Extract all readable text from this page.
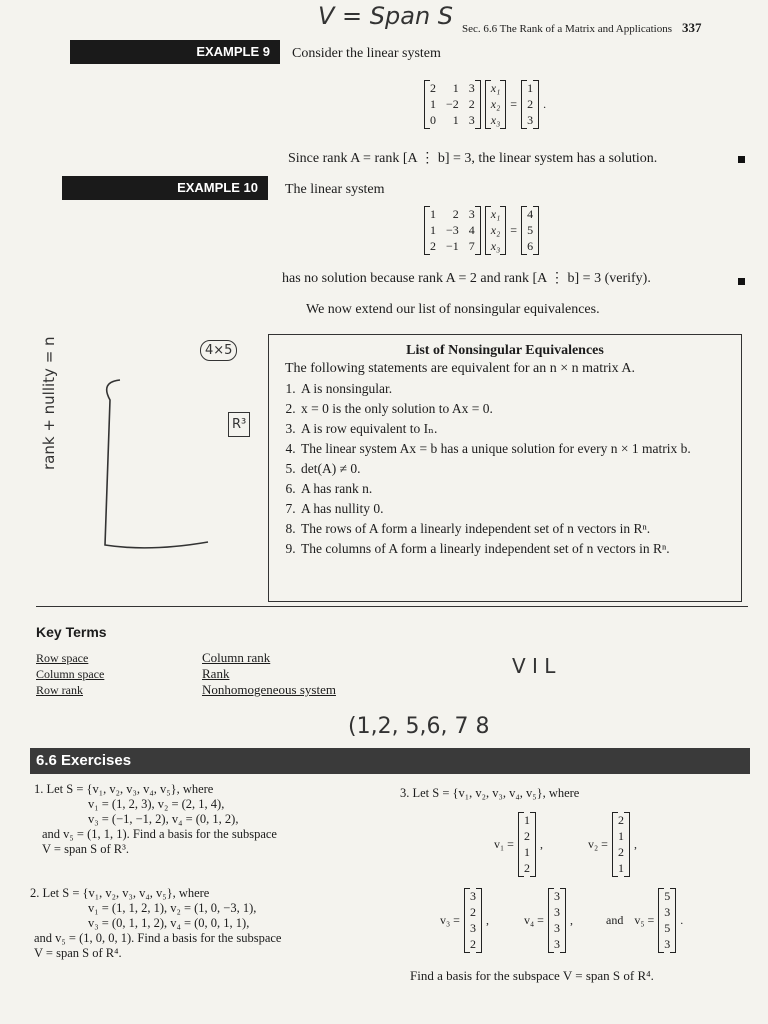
V = Span S Sec. 6.6 The Rank of a Matrix and Applications 337
EXAMPLE 9	Consider the linear system
2	1 3
1 −2 2
0	1 3
x₁
x₂
x₃
=
1
2
3
.
Since rank A = rank [A ⋮ b] = 3, the linear system has a solution.
EXAMPLE 10	The linear system
1	2 3
1 −3 4
2 −1 7
x₁
x₂
x₃
=
4
5
6
has no solution because rank A = 2 and rank [A ⋮ b] = 3 (verify).
We now extend our list of nonsingular equivalences.
List of Nonsingular Equivalences
The following statements are equivalent for an n × n matrix A.
1. A is nonsingular.
2. x = 0 is the only solution to Ax = 0.
3. A is row equivalent to Iₙ.
4. The linear system Ax = b has a unique solution for every n × 1 matrix b.
5. det(A) ≠ 0.
6. A has rank n.
7. A has nullity 0.
8. The rows of A form a linearly independent set of n vectors in Rⁿ.
9. The columns of A form a linearly independent set of n vectors in Rⁿ.
rank + nullity = n	4×5
R³
Key Terms
Row space
Column space
Row rank
Column rank
Rank
Nonhomogeneous system
V I L
(1,2, 5,6, 7 8
6.6 Exercises
1. Let S = {v₁, v₂, v₃, v₄, v₅}, where
v₁ = (1, 2, 3), v₂ = (2, 1, 4),
v₃ = (−1, −1, 2), v₄ = (0, 1, 2),
and v₅ = (1, 1, 1). Find a basis for the subspace
V = span S of R³.
2. Let S = {v₁, v₂, v₃, v₄, v₅}, where
v₁ = (1, 1, 2, 1), v₂ = (1, 0, −3, 1),
v₃ = (0, 1, 1, 2), v₄ = (0, 0, 1, 1),
and v₅ = (1, 0, 0, 1). Find a basis for the subspace
V = span S of R⁴.
3. Let S = {v₁, v₂, v₃, v₄, v₅}, where
v₁ =
1
2
1
2
,	v₂ =
2
1
2
1
,
v₃ =
3
2
3
2
,	v₄ =
3
3
3
3
,	and
v₅ =
5
3
5
3
.
Find a basis for the subspace V = span S of R⁴.
